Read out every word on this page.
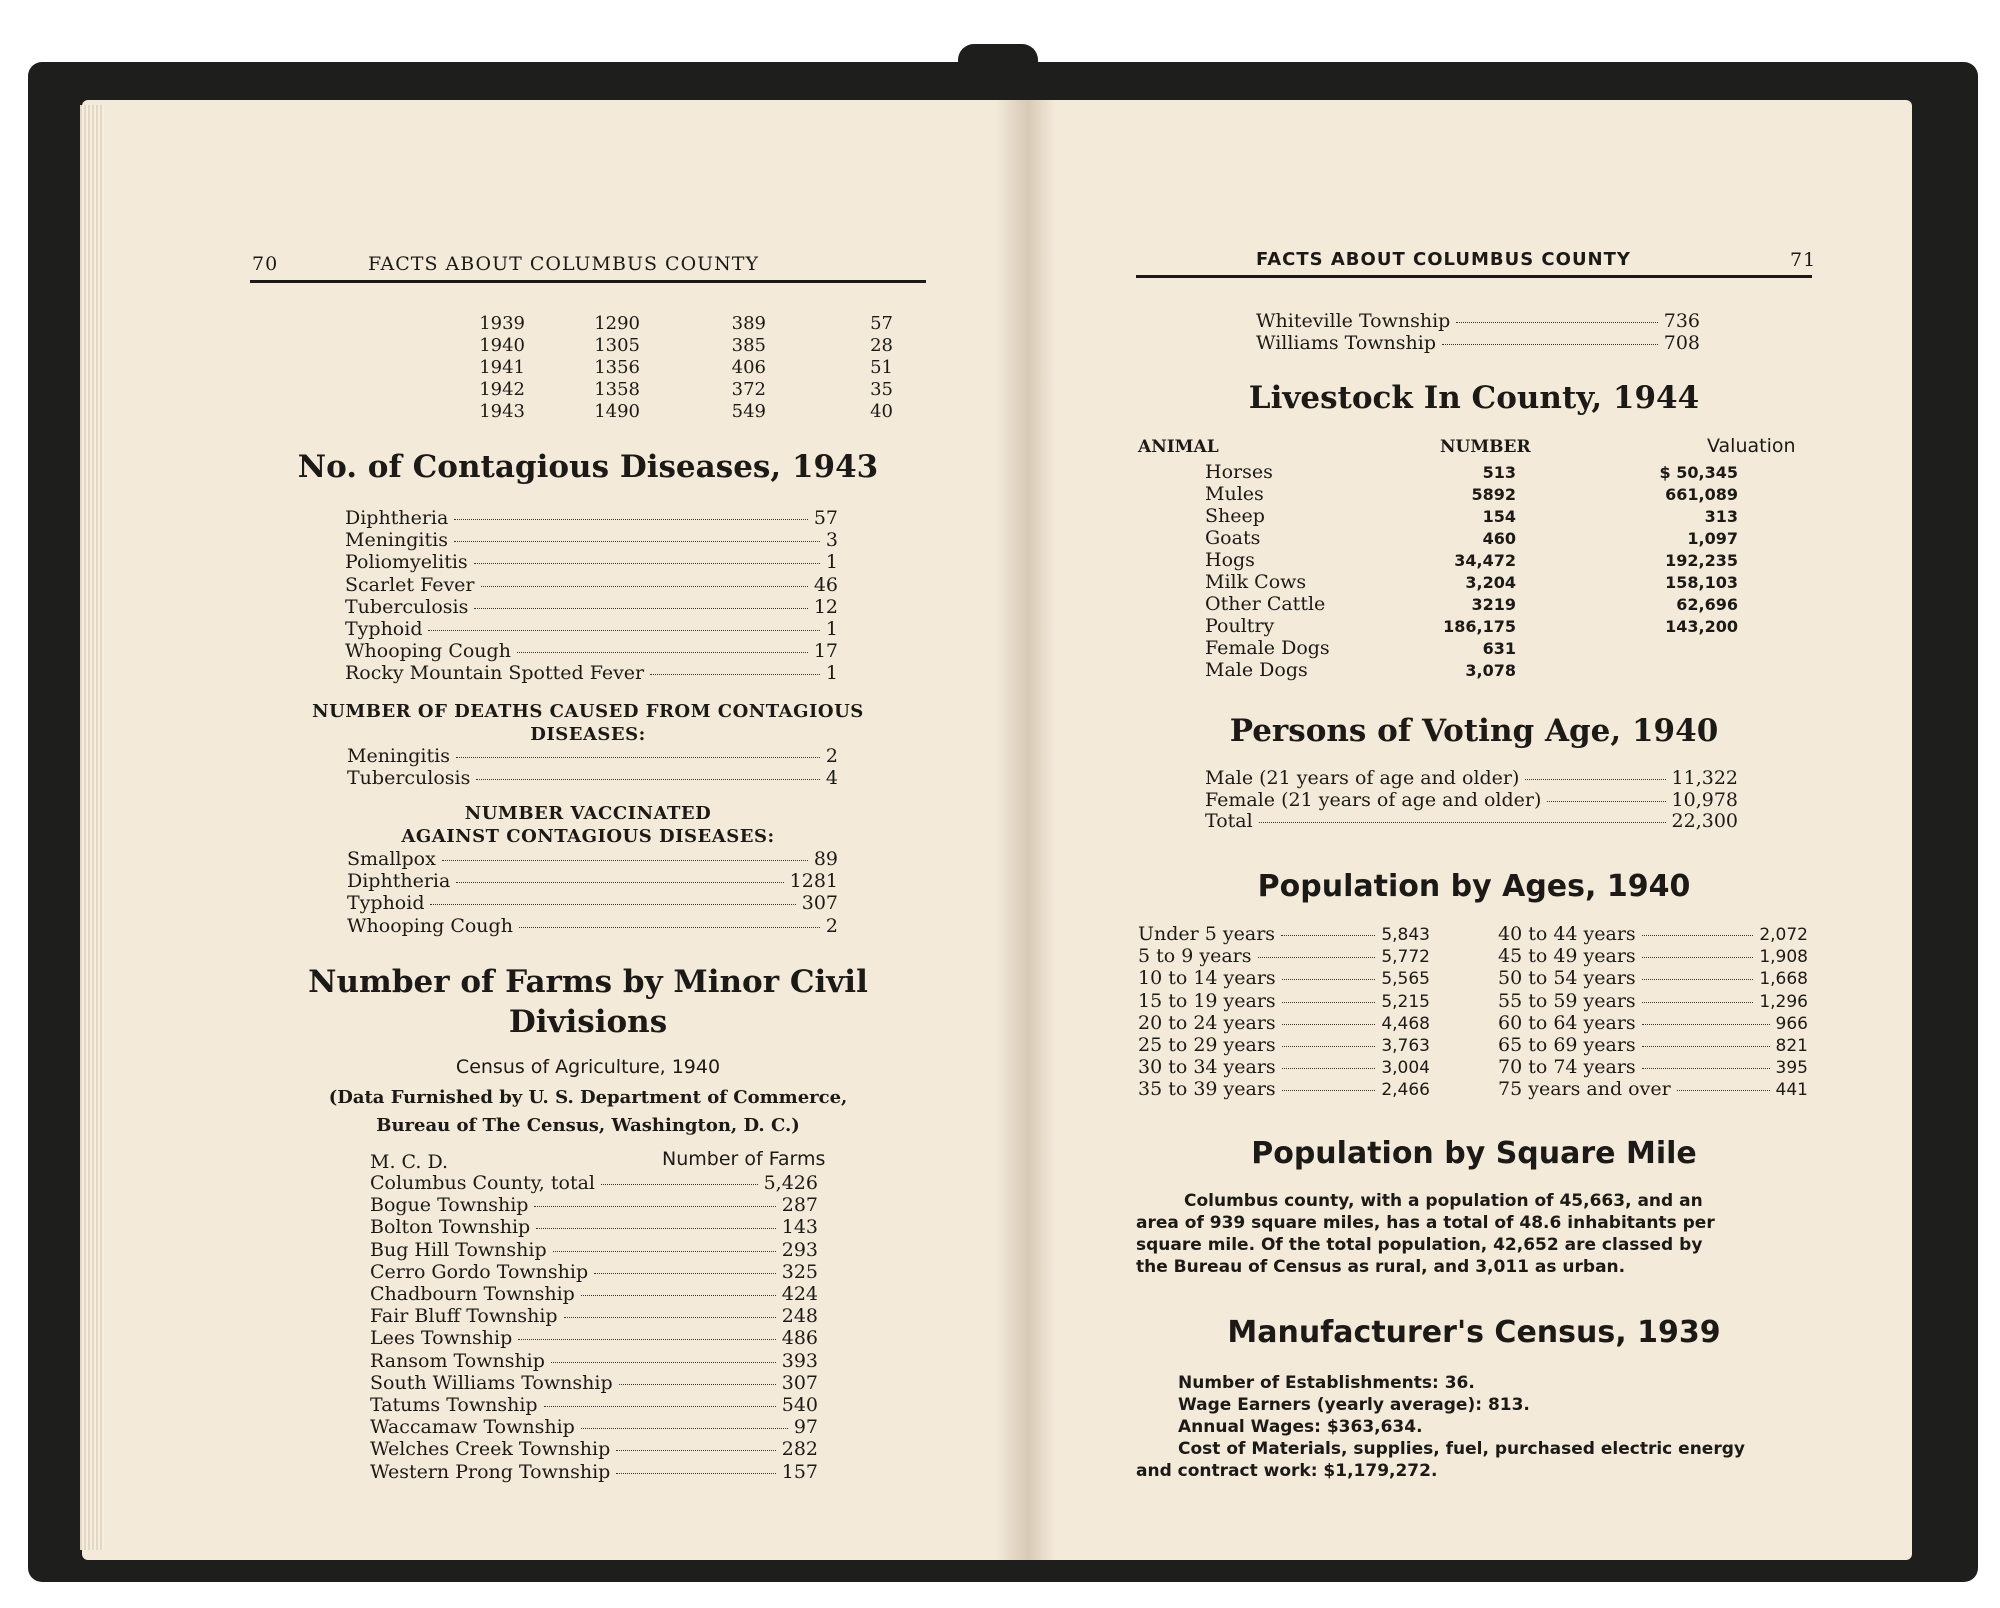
70	FACTS ABOUT COLUMBUS COUNTY
1939	1290	389	57
1940	1305	385	28
1941	1356	406	51
1942	1358	372	35
1943	1490	549	40
No. of Contagious Diseases, 1943
Diphtheria	57
Meningitis	3
Poliomyelitis	1
Scarlet Fever	46
Tuberculosis	12
Typhoid	1
Whooping Cough	17
Rocky Mountain Spotted Fever	1
NUMBER OF DEATHS CAUSED FROM CONTAGIOUS
DISEASES:
Meningitis	2
Tuberculosis	4
NUMBER VACCINATED
AGAINST CONTAGIOUS DISEASES:
Smallpox	89
Diphtheria	1281
Typhoid	307
Whooping Cough	2
Number of Farms by Minor Civil
Divisions
Census of Agriculture, 1940
(Data Furnished by U. S. Department of Commerce,
Bureau of The Census, Washington, D. C.)
M. C. D.	Number of Farms
Columbus County, total	5,426
Bogue Township	287
Bolton Township	143
Bug Hill Township	293
Cerro Gordo Township	325
Chadbourn Township	424
Fair Bluff Township	248
Lees Township	486
Ransom Township	393
South Williams Township	307
Tatums Township	540
Waccamaw Township	97
Welches Creek Township	282
Western Prong Township	157
FACTS ABOUT COLUMBUS COUNTY	71
Whiteville Township	736
Williams Township	708
Livestock In County, 1944
ANIMAL	NUMBER	Valuation
Horses	513	$ 50,345
Mules	5892	661,089
Sheep	154	313
Goats	460	1,097
Hogs	34,472	192,235
Milk Cows	3,204	158,103
Other Cattle	3219	62,696
Poultry	186,175	143,200
Female Dogs	631
Male Dogs	3,078
Persons of Voting Age, 1940
Male (21 years of age and older)	11,322
Female (21 years of age and older)	10,978
Total	22,300
Population by Ages, 1940
Under 5 years	5,843
5 to 9 years	5,772
10 to 14 years	5,565
15 to 19 years	5,215
20 to 24 years	4,468
25 to 29 years	3,763
30 to 34 years	3,004
35 to 39 years	2,466
40 to 44 years	2,072
45 to 49 years	1,908
50 to 54 years	1,668
55 to 59 years	1,296
60 to 64 years	966
65 to 69 years	821
70 to 74 years	395
75 years and over	441
Population by Square Mile
Columbus county, with a population of 45,663, and an
area of 939 square miles, has a total of 48.6 inhabitants per
square mile. Of the total population, 42,652 are classed by
the Bureau of Census as rural, and 3,011 as urban.
Manufacturer's Census, 1939
Number of Establishments: 36.
Wage Earners (yearly average): 813.
Annual Wages: $363,634.
Cost of Materials, supplies, fuel, purchased electric energy
and contract work: $1,179,272.
